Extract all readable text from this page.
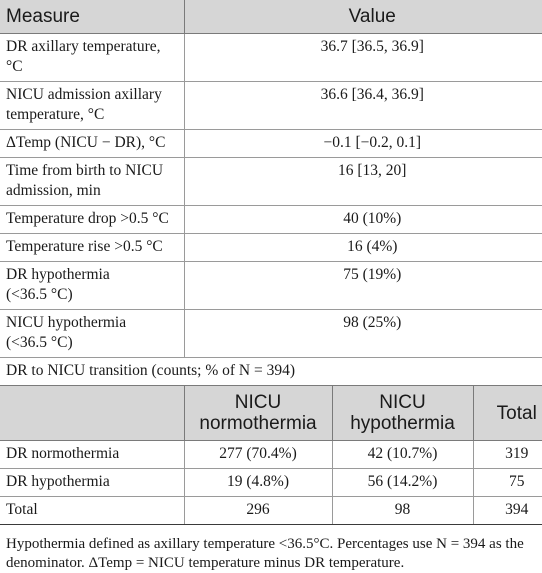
Measure	Value

DR axillary temperature,
°C	36.7 [36.5, 36.9]

NICU admission axillary
temperature, °C	36.6 [36.4, 36.9]

ΔTemp (NICU − DR), °C	−0.1 [−0.2, 0.1]

Time from birth to NICU
admission, min	16 [13, 20]

Temperature drop >0.5 °C	40 (10%)

Temperature rise >0.5 °C	16 (4%)

DR hypothermia
(<36.5 °C)	75 (19%)

NICU hypothermia
(<36.5 °C)	98 (25%)
DR to NICU transition (counts; % of N = 394)
	NICU normothermia	NICU hypothermia	Total
DR normothermia	277 (70.4%)	42 (10.7%)	319
DR hypothermia	19 (4.8%)	56 (14.2%)	75
Total	296	98	394
Hypothermia defined as axillary temperature <36.5°C. Percentages use N = 394 as the
denominator. ΔTemp = NICU temperature minus DR temperature.
